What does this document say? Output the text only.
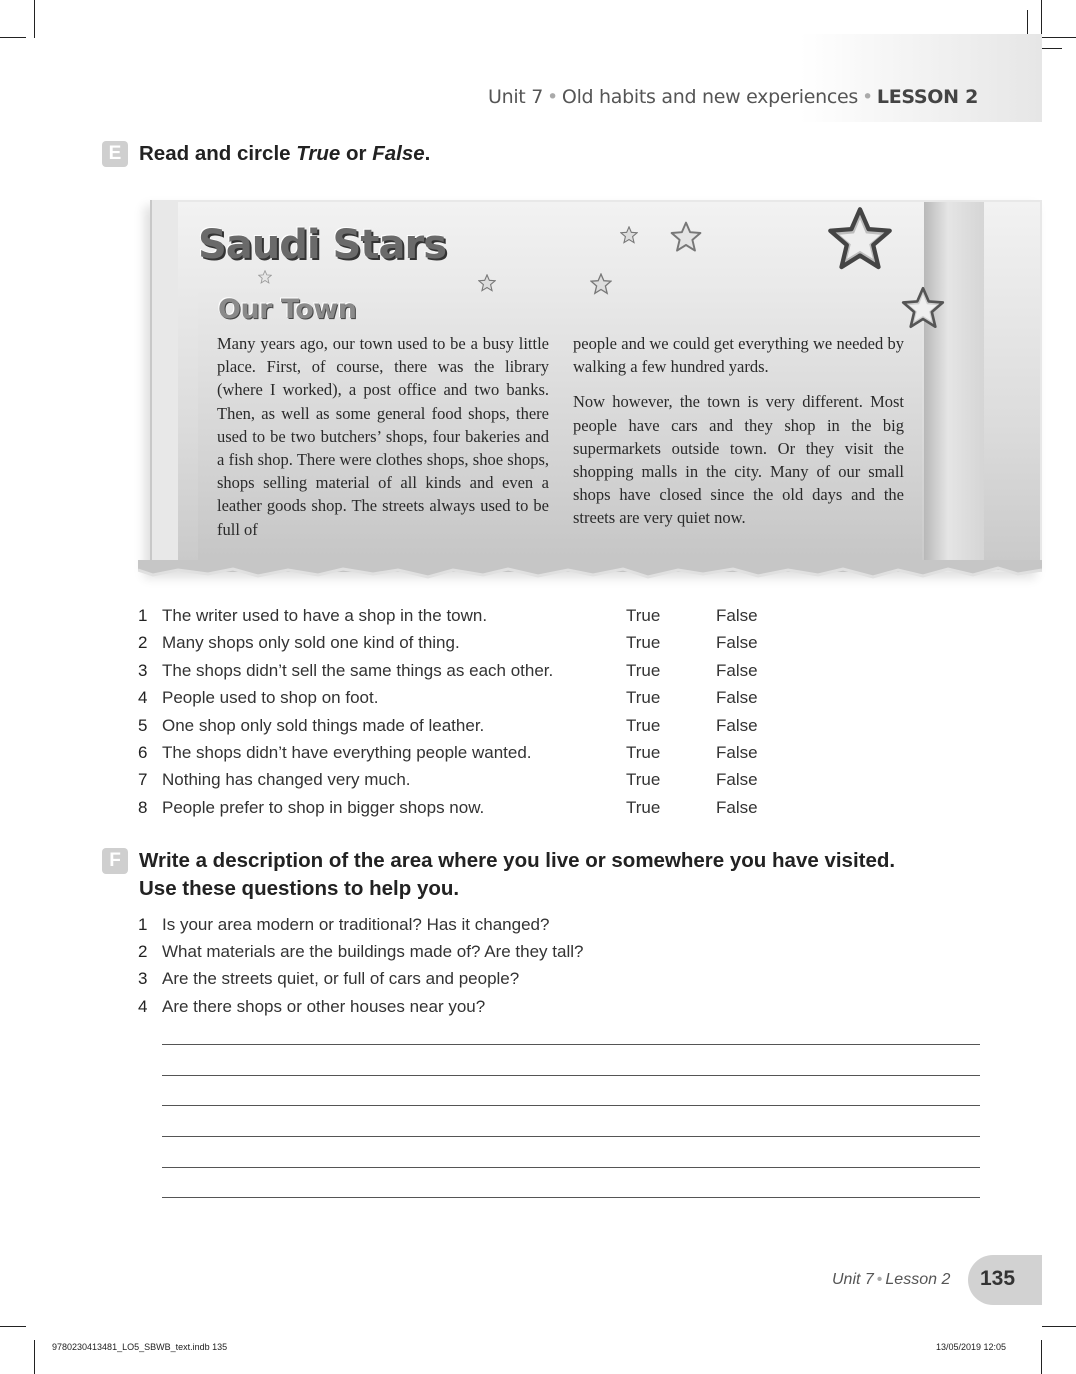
Unit 7 • Old habits and new experiences • LESSON 2
E Read and circle True or False.
Saudi Stars
Our Town

Many years ago, our town used to be a busy little place. First, of course, there was the library (where I worked), a post office and two banks. Then, as well as some general food shops, there used to be two butchers’ shops, four bakeries and a fish shop. There were clothes shops, shoe shops, shops selling material of all kinds and even a leather goods shop. The streets always used to be full of

people and we could get everything we needed by walking a few hundred yards.

Now however, the town is very different. Most people have cars and they shop in the big supermarkets outside town. Or they visit the shopping malls in the city. Many of our small shops have closed since the old days and the streets are very quiet now.

1 The writer used to have a shop in the town.	True	False
2 Many shops only sold one kind of thing.	True	False
3 The shops didn’t sell the same things as each other.	True	False
4 People used to shop on foot.	True	False
5 One shop only sold things made of leather.	True	False
6 The shops didn’t have everything people wanted.	True	False
7 Nothing has changed very much.	True	False
8 People prefer to shop in bigger shops now.	True	False
F Write a description of the area where you live or somewhere you have visited.
Use these questions to help you.
1 Is your area modern or traditional? Has it changed?
2 What materials are the buildings made of? Are they tall?
3 Are the streets quiet, or full of cars and people?
4 Are there shops or other houses near you?
Unit 7 • Lesson 2 135
9780230413481_LO5_SBWB_text.indb 135	13/05/2019 12:05
